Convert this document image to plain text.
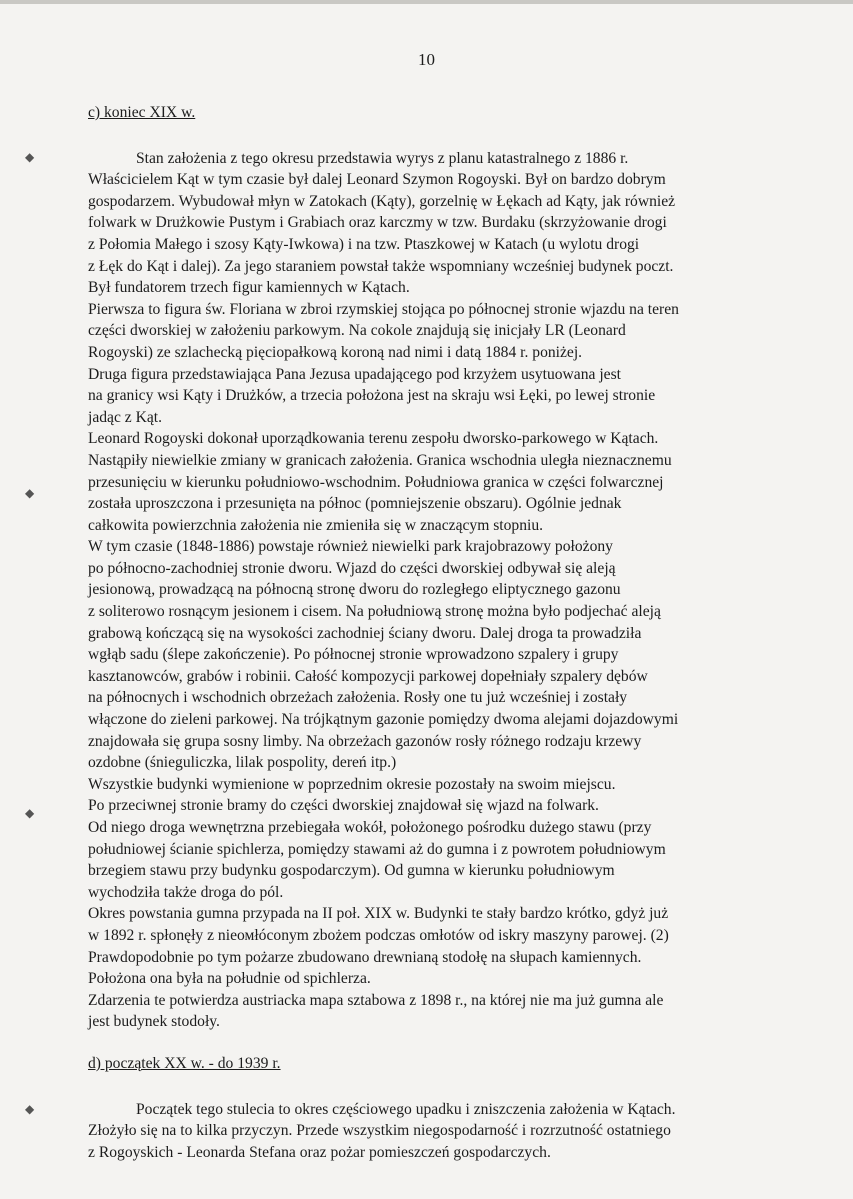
◆
◆
◆
◆
10
c) koniec XIX w.
Stan założenia z tego okresu przedstawia wyrys z planu katastralnego z 1886 r.
Właścicielem Kąt w tym czasie był dalej Leonard Szymon Rogoyski. Był on bardzo dobrym
gospodarzem. Wybudował młyn w Zatokach (Kąty), gorzelnię w Łękach ad Kąty, jak również
folwark w Drużkowie Pustym i Grabiach oraz karczmy w tzw. Burdaku (skrzyżowanie drogi
z Połomia Małego i szosy Kąty-Iwkowa) i na tzw. Ptaszkowej w Katach (u wylotu drogi
z Łęk do Kąt i dalej). Za jego staraniem powstał także wspomniany wcześniej budynek poczt.
Był fundatorem trzech figur kamiennych w Kątach.
Pierwsza to figura św. Floriana w zbroi rzymskiej stojąca po północnej stronie wjazdu na teren
części dworskiej w założeniu parkowym. Na cokole znajdują się inicjały LR (Leonard
Rogoyski) ze szlachecką pięciopałkową koroną nad nimi i datą 1884 r. poniżej.
Druga figura przedstawiająca Pana Jezusa upadającego pod krzyżem usytuowana jest
na granicy wsi Kąty i Drużków, a trzecia położona jest na skraju wsi Łęki, po lewej stronie
jadąc z Kąt.
Leonard Rogoyski dokonał uporządkowania terenu zespołu dworsko-parkowego w Kątach.
Nastąpiły niewielkie zmiany w granicach założenia. Granica wschodnia uległa nieznacznemu
przesunięciu w kierunku południowo-wschodnim. Południowa granica w części folwarcznej
została uproszczona i przesunięta na północ (pomniejszenie obszaru). Ogólnie jednak
całkowita powierzchnia założenia nie zmieniła się w znaczącym stopniu.
W tym czasie (1848-1886) powstaje również niewielki park krajobrazowy położony
po północno-zachodniej stronie dworu. Wjazd do części dworskiej odbywał się aleją
jesionową, prowadzącą na północną stronę dworu do rozległego eliptycznego gazonu
z soliterowo rosnącym jesionem i cisem. Na południową stronę można było podjechać aleją
grabową kończącą się na wysokości zachodniej ściany dworu. Dalej droga ta prowadziła
wgłąb sadu (ślepe zakończenie). Po północnej stronie wprowadzono szpalery i grupy
kasztanowców, grabów i robinii. Całość kompozycji parkowej dopełniały szpalery dębów
na północnych i wschodnich obrzeżach założenia. Rosły one tu już wcześniej i zostały
włączone do zieleni parkowej. Na trójkątnym gazonie pomiędzy dwoma alejami dojazdowymi
znajdowała się grupa sosny limby. Na obrzeżach gazonów rosły różnego rodzaju krzewy
ozdobne (śnieguliczka, lilak pospolity, dereń itp.)
Wszystkie budynki wymienione w poprzednim okresie pozostały na swoim miejscu.
Po przeciwnej stronie bramy do części dworskiej znajdował się wjazd na folwark.
Od niego droga wewnętrzna przebiegała wokół, położonego pośrodku dużego stawu (przy
południowej ścianie spichlerza, pomiędzy stawami aż do gumna i z powrotem południowym
brzegiem stawu przy budynku gospodarczym). Od gumna w kierunku południowym
wychodziła także droga do pól.
Okres powstania gumna przypada na II poł. XIX w. Budynki te stały bardzo krótko, gdyż już
w 1892 r. spłonęły z niеомłóconym zbożem podczas omłotów od iskry maszyny parowej. (2)
Prawdopodobnie po tym pożarze zbudowano drewnianą stodołę na słupach kamiennych.
Położona ona była na południe od spichlerza.
Zdarzenia te potwierdza austriacka mapa sztabowa z 1898 r., na której nie ma już gumna ale
jest budynek stodoły.
d) początek XX w. - do 1939 r.
Początek tego stulecia to okres częściowego upadku i zniszczenia założenia w Kątach.
Złożyło się na to kilka przyczyn. Przede wszystkim niegospodarność i rozrzutność ostatniego
z Rogoyskich - Leonarda Stefana oraz pożar pomieszczeń gospodarczych.
